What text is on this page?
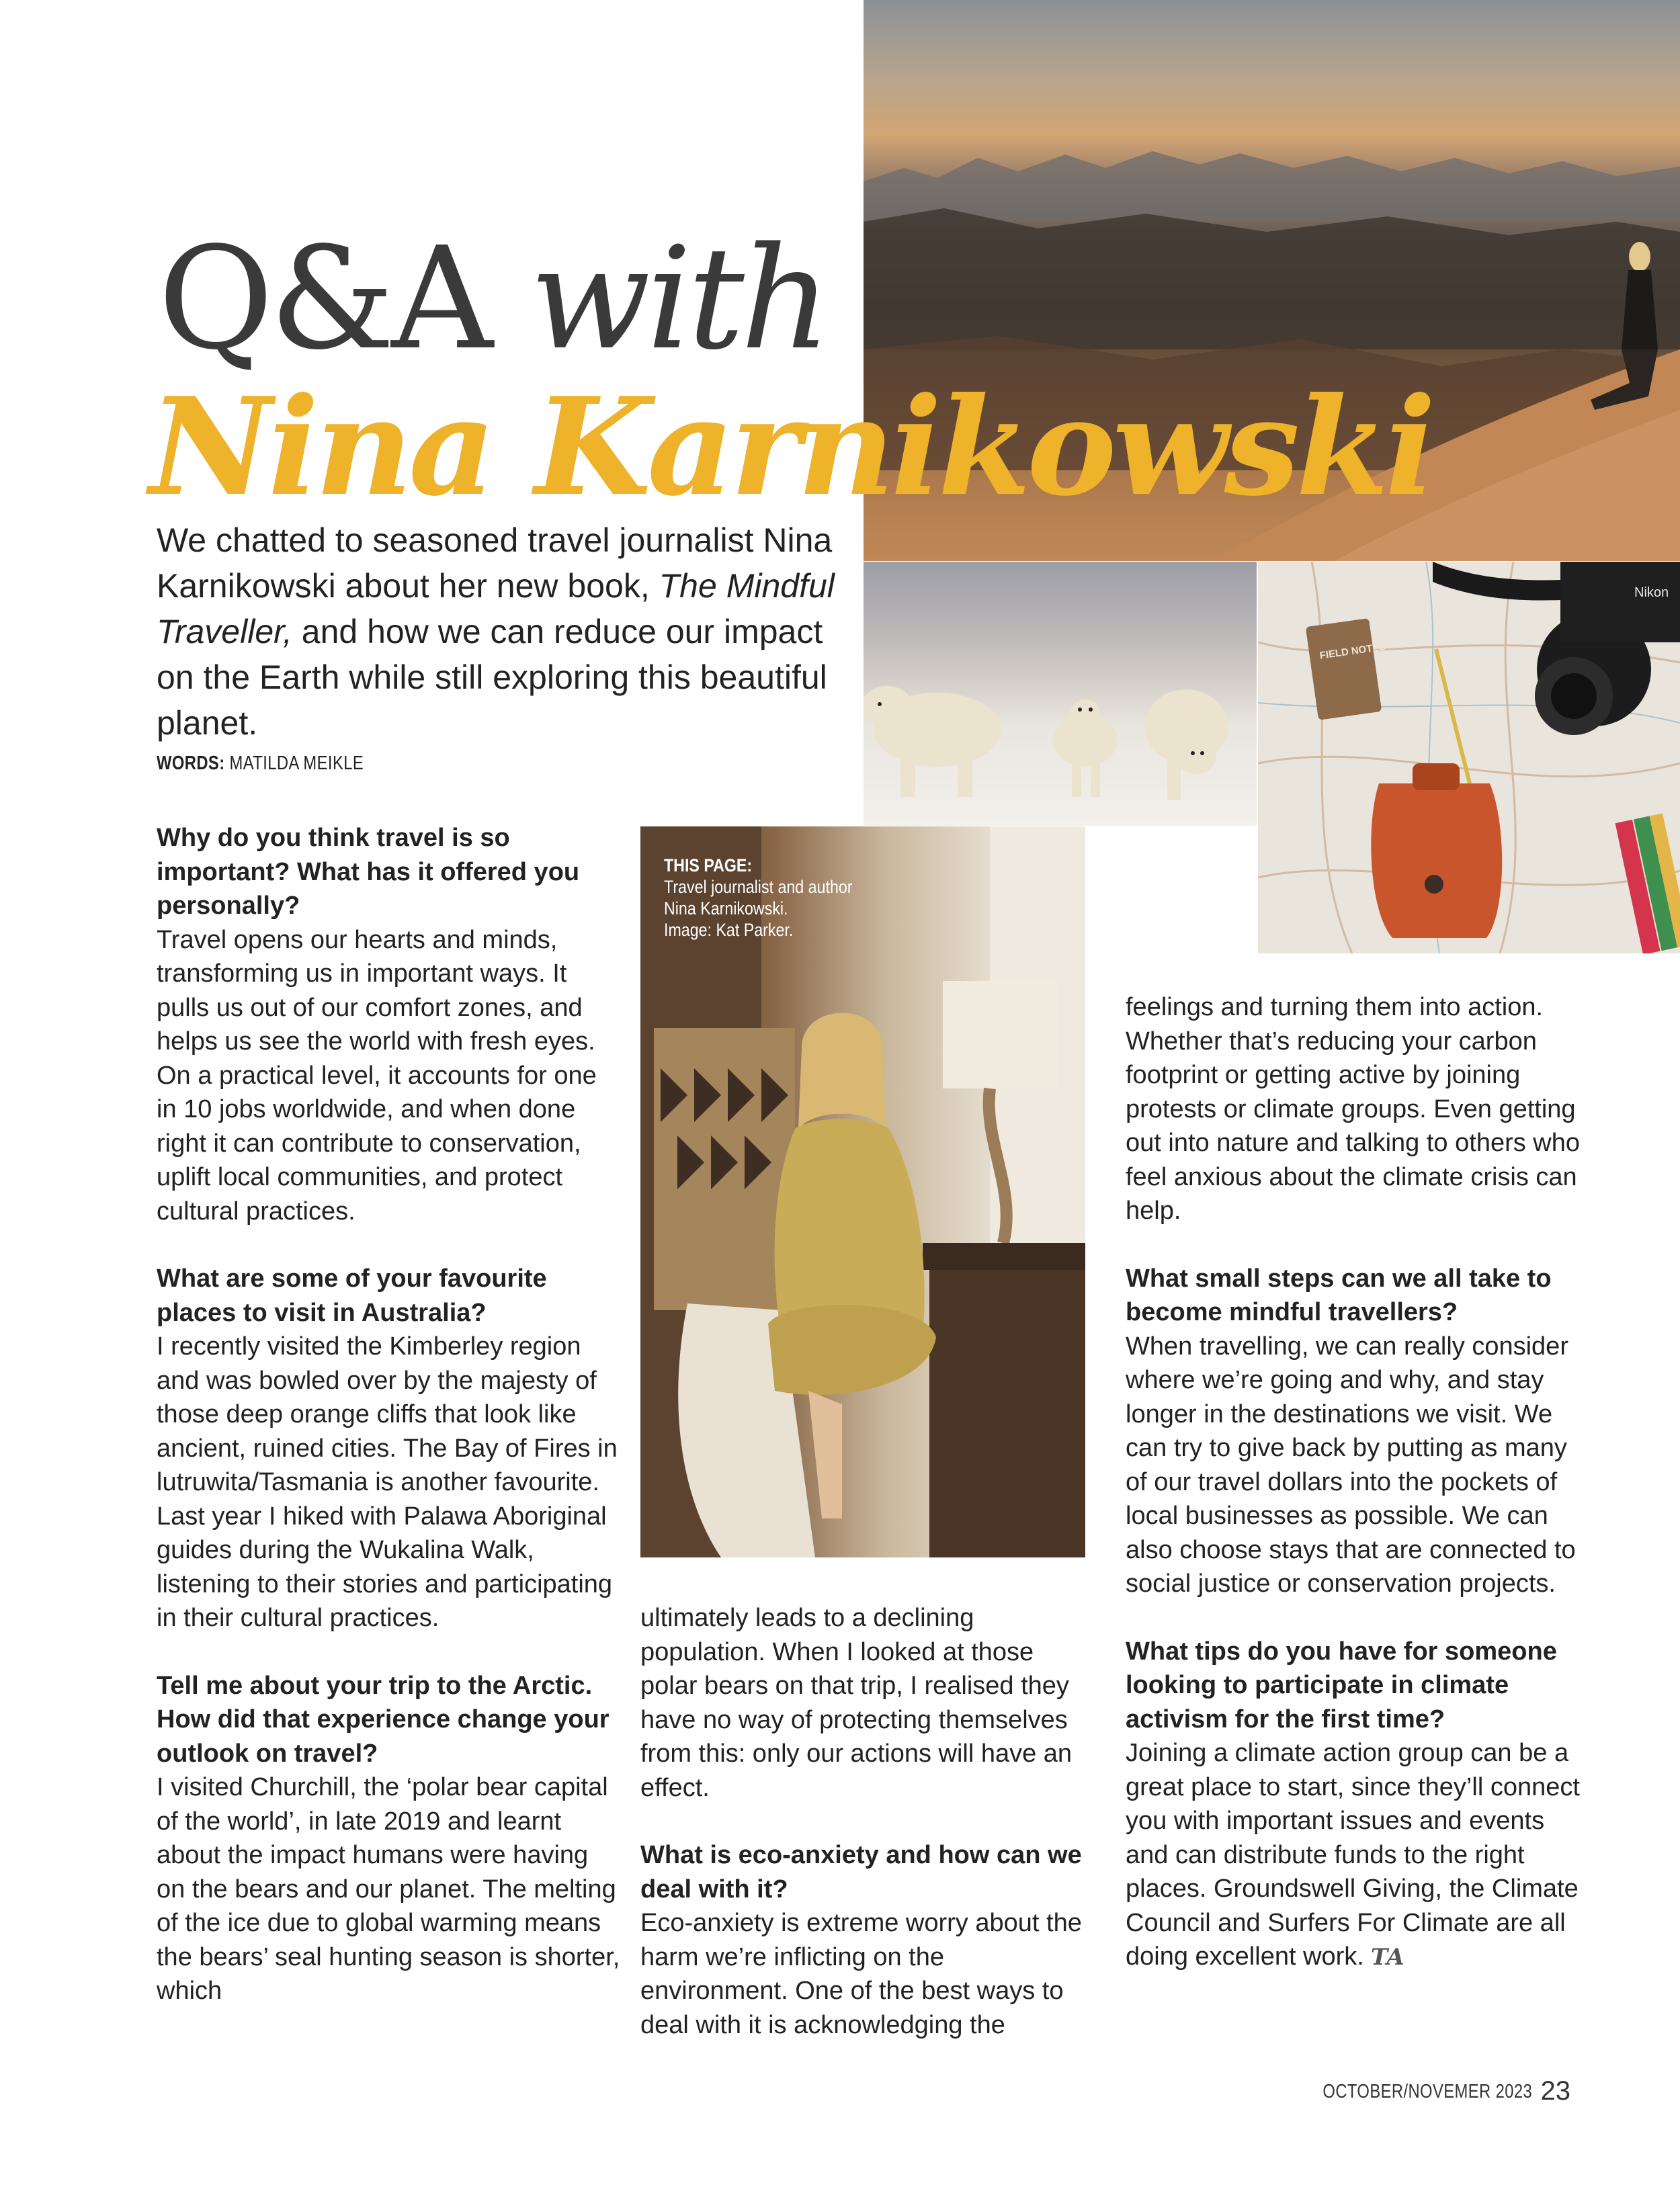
FIELD NOTES
Nikon
Q&A with
Nina Karnikowski
We chatted to seasoned travel journalist Nina Karnikowski about her new book, The Mindful Traveller, and how we can reduce our impact on the Earth while still exploring this beautiful planet.
WORDS: MATILDA MEIKLE
THIS PAGE:
Travel journalist and author
Nina Karnikowski.
Image: Kat Parker.

Why do you think travel is so important? What has it offered you personally?

Travel opens our hearts and minds, transforming us in important ways. It pulls us out of our comfort zones, and helps us see the world with fresh eyes. On a practical level, it accounts for one in 10 jobs worldwide, and when done right it can contribute to conservation, uplift local communities, and protect cultural practices.

What are some of your favourite places to visit in Australia?

I recently visited the Kimberley region and was bowled over by the majesty of those deep orange cliffs that look like ancient, ruined cities. The Bay of Fires in lutruwita/Tasmania is another favourite. Last year I hiked with Palawa Aboriginal guides during the Wukalina Walk, listening to their stories and participating in their cultural practices.

Tell me about your trip to the Arctic. How did that experience change your outlook on travel?

I visited Churchill, the ‘polar bear capital of the world’, in late 2019 and learnt about the impact humans were having on the bears and our planet. The melting of the ice due to global warming means the bears’ seal hunting season is shorter, which

ultimately leads to a declining population. When I looked at those polar bears on that trip, I realised they have no way of protecting themselves from this: only our actions will have an effect.

What is eco-anxiety and how can we deal with it?

Eco-anxiety is extreme worry about the harm we’re inflicting on the environment. One of the best ways to deal with it is acknowledging the

feelings and turning them into action. Whether that’s reducing your carbon footprint or getting active by joining protests or climate groups. Even getting out into nature and talking to others who feel anxious about the climate crisis can help.

What small steps can we all take to become mindful travellers?

When travelling, we can really consider where we’re going and why, and stay longer in the destinations we visit. We can try to give back by putting as many of our travel dollars into the pockets of local businesses as possible. We can also choose stays that are connected to social justice or conservation projects.

What tips do you have for someone looking to participate in climate activism for the first time?

Joining a climate action group can be a great place to start, since they’ll connect you with important issues and events and can distribute funds to the right places. Groundswell Giving, the Climate Council and Surfers For Climate are all doing excellent work. TA

OCTOBER/NOVEMER 2023 23
